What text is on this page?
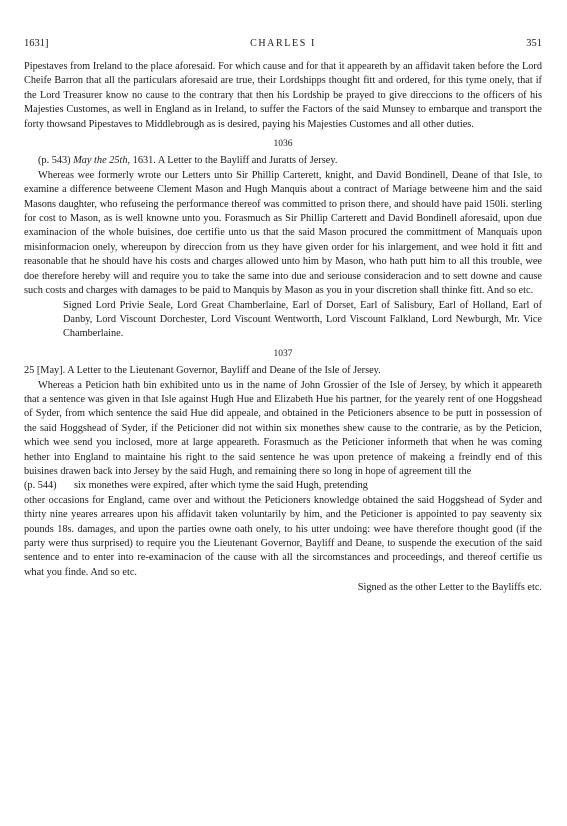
1631]	CHARLES I	351

Pipestaves from Ireland to the place aforesaid. For which cause and for that it appeareth by an affidavit taken before the Lord Cheife Barron that all the particulars aforesaid are true, their Lordshipps thought fitt and ordered, for this tyme onely, that if the Lord Treasurer know no cause to the contrary that then his Lordship be prayed to give direccions to the officers of his Majesties Customes, as well in England as in Ireland, to suffer the Factors of the said Munsey to embarque and transport the forty thowsand Pipestaves to Middlebrough as is desired, paying his Majesties Customes and all other duties.

1036

(p. 543) May the 25th, 1631. A Letter to the Bayliff and Juratts of Jersey.

Whereas wee formerly wrote our Letters unto Sir Phillip Carterett, knight, and David Bondinell, Deane of that Isle, to examine a difference betweene Clement Mason and Hugh Manquis about a contract of Mariage betweene him and the said Masons daughter, who refuseing the performance thereof was committed to prison there, and should have paid 150li. sterling for cost to Mason, as is well knowne unto you. Forasmuch as Sir Phillip Carterett and David Bondinell aforesaid, upon due examinacion of the whole buisines, doe certifie unto us that the said Mason procured the committment of Manquais upon misinformacion onely, whereupon by direccion from us they have given order for his inlargement, and wee hold it fitt and reasonable that he should have his costs and charges allowed unto him by Mason, who hath putt him to all this trouble, wee doe therefore hereby will and require you to take the same into due and seriouse consideracion and to sett downe and cause such costs and charges with damages to be paid to Manquis by Mason as you in your discretion shall thinke fitt. And so etc.

Signed Lord Privie Seale, Lord Great Chamberlaine, Earl of Dorset, Earl of Salisbury, Earl of Holland, Earl of Danby, Lord Viscount Dorchester, Lord Viscount Wentworth, Lord Viscount Falkland, Lord Newburgh, Mr. Vice Chamberlaine.

1037

25 [May]. A Letter to the Lieutenant Governor, Bayliff and Deane of the Isle of Jersey.

Whereas a Peticion hath bin exhibited unto us in the name of John Grossier of the Isle of Jersey, by which it appeareth that a sentence was given in that Isle against Hugh Hue and Elizabeth Hue his partner, for the yearely rent of one Hoggshead of Syder, from which sentence the said Hue did appeale, and obtained in the Peticioners absence to be putt in possession of the said Hoggshead of Syder, if the Peticioner did not within six monethes shew cause to the contrarie, as by the Peticion, which wee send you inclosed, more at large appeareth. Forasmuch as the Peticioner informeth that when he was coming hether into England to maintaine his right to the said sentence he was upon pretence of makeing a freindly end of this buisines drawen back into Jersey by the said Hugh, and remaining there so long in hope of agreement till the

(p. 544)	six monethes were expired, after which tyme the said Hugh, pretending

other occasions for England, came over and without the Peticioners knowledge obtained the said Hoggshead of Syder and thirty nine yeares arreares upon his affidavit taken voluntarily by him, and the Peticioner is appointed to pay seaventy six pounds 18s. damages, and upon the parties owne oath onely, to his utter undoing: wee have therefore thought good (if the party were thus surprised) to require you the Lieutenant Governor, Bayliff and Deane, to suspende the execution of the said sentence and to enter into re-examinacion of the cause with all the sircomstances and proceedings, and thereof certifie us what you finde. And so etc.

Signed as the other Letter to the Bayliffs etc.
